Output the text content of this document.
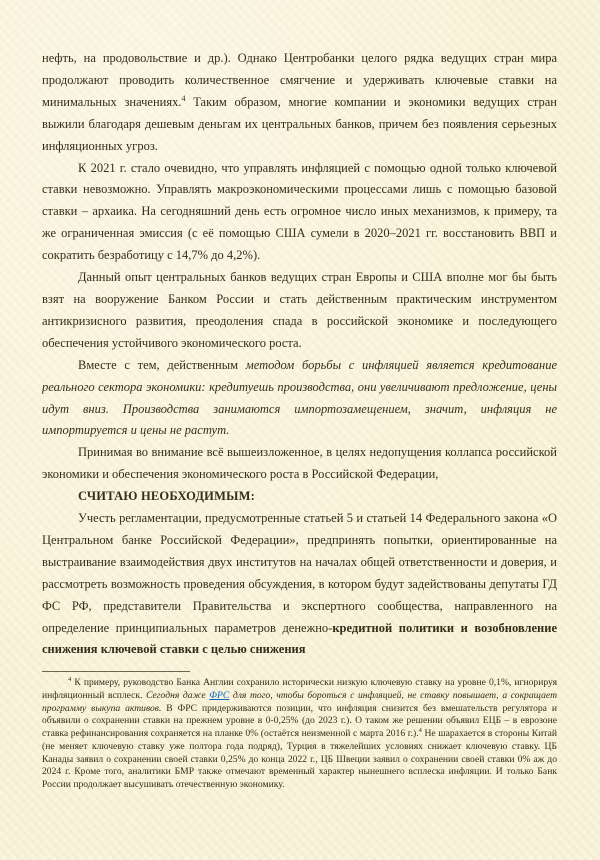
нефть, на продовольствие и др.). Однако Центробанки целого рядка ведущих стран мира продолжают проводить количественное смягчение и удерживать ключевые ставки на минимальных значениях.$^4$ Таким образом, многие компании и экономики ведущих стран выжили благодаря дешевым деньгам их центральных банков, причем без появления серьезных инфляционных угроз.

К 2021 г. стало очевидно, что управлять инфляцией с помощью одной только ключевой ставки невозможно. Управлять макроэкономическими процессами лишь с помощью базовой ставки – архаика. На сегодняшний день есть огромное число иных механизмов, к примеру, та же ограниченная эмиссия (с её помощью США сумели в 2020–2021 гг. восстановить ВВП и сократить безработицу с 14,7% до 4,2%).

Данный опыт центральных банков ведущих стран Европы и США вполне мог бы быть взят на вооружение Банком России и стать действенным практическим инструментом антикризисного развития, преодоления спада в российской экономике и последующего обеспечения устойчивого экономического роста.

Вместе с тем, действенным методом борьбы с инфляцией является кредитование реального сектора экономики: кредитуешь производства, они увеличивают предложение, цены идут вниз. Производства занимаются импортозамещением, значит, инфляция не импортируется и цены не растут.

Принимая во внимание всё вышеизложенное, в целях недопущения коллапса российской экономики и обеспечения экономического роста в Российской Федерации,

СЧИТАЮ НЕОБХОДИМЫМ:

Учесть регламентации, предусмотренные статьей 5 и статьей 14 Федерального закона «О Центральном банке Российской Федерации», предпринять попытки, ориентированные на выстраивание взаимодействия двух институтов на началах общей ответственности и доверия, и рассмотреть возможность проведения обсуждения, в котором будут задействованы депутаты ГД ФС РФ, представители Правительства и экспертного сообщества, направленного на определение принципиальных параметров денежно-кредитной политики и возобновление снижения ключевой ставки с целью снижения

$^4$ К примеру, руководство Банка Англии сохранило исторически низкую ключевую ставку на уровне 0,1%, игнорируя инфляционный всплеск. Сегодня даже ФРС для того, чтобы бороться с инфляцией, не ставку повышает, а сокращает программу выкупа активов. В ФРС придерживаются позиции, что инфляция снизится без вмешательств регулятора и объявили о сохранении ставки на прежнем уровне в 0-0,25% (до 2023 г.). О таком же решении объявил ЕЦБ – в еврозоне ставка рефинансирования сохраняется на планке 0% (остаётся неизменной с марта 2016 г.).$^4$ Не шарахается в стороны Китай (не меняет ключевую ставку уже полтора года подряд), Турция в тяжелейших условиях снижает ключевую ставку. ЦБ Канады заявил о сохранении своей ставки 0,25% до конца 2022 г., ЦБ Швеции заявил о сохранении своей ставки 0% аж до 2024 г. Кроме того, аналитики БМР также отмечают временный характер нынешнего всплеска инфляции. И только Банк России продолжает высушивать отечественную экономику.
